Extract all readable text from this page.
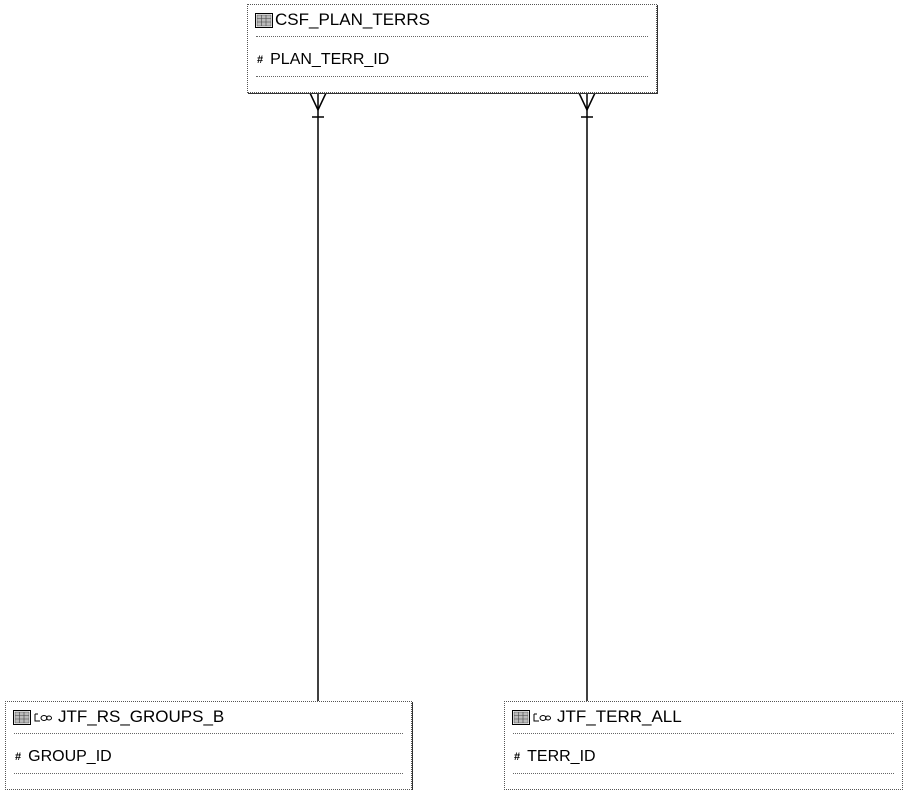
CSF_PLAN_TERRS
# PLAN_TERR_ID
JTF_RS_GROUPS_B
# GROUP_ID
JTF_TERR_ALL
# TERR_ID
